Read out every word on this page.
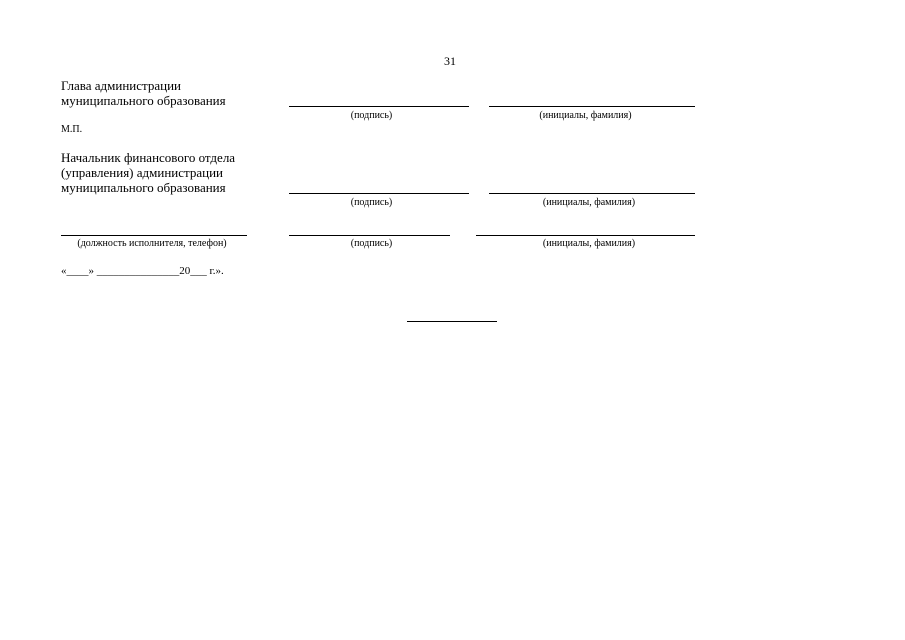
31
Глава администрации
муниципального образования
(подпись)	(инициалы, фамилия)
М.П.
Начальник финансового отдела
(управления) администрации
муниципального образования
(подпись)	(инициалы, фамилия)
(должность исполнителя, телефон)	(подпись)	(инициалы, фамилия)
«____» _______________20___ г.».
